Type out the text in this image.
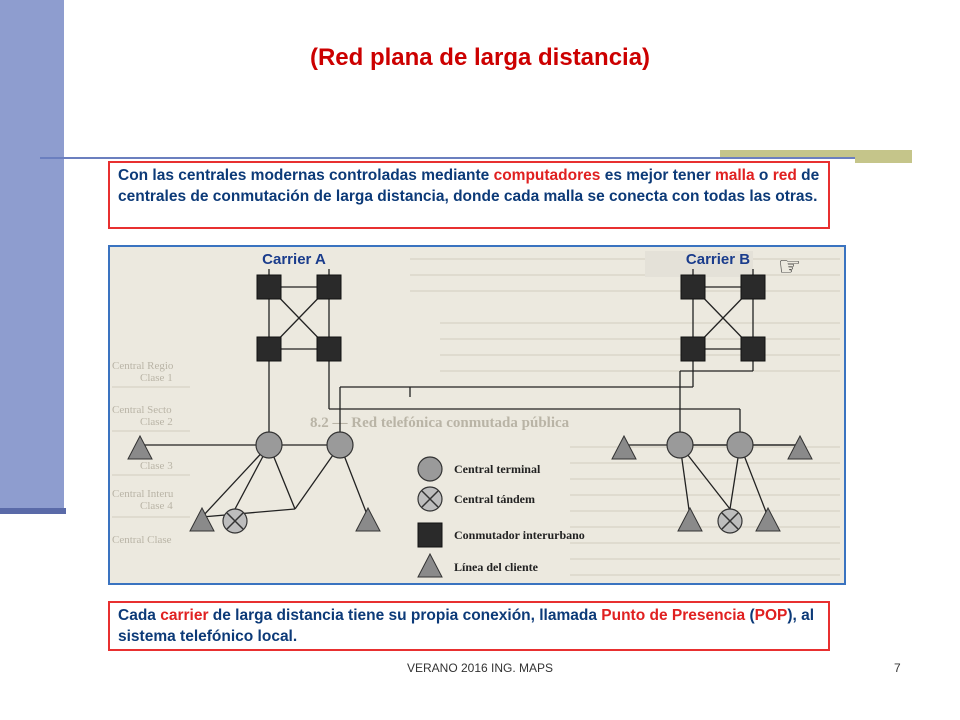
(Red plana de larga distancia)
Con las centrales modernas controladas mediante computadores es mejor tener malla o red de centrales de conmutación de larga distancia, donde cada malla se conecta con todas las otras.
Central Regio
Clase 1
Central Secto
Clase 2
Clase 3
Central Interu
Clase 4
Central Clase
8.2 — Red telefónica conmutada pública
Carrier A	Carrier B ☞
Central terminal
Central tándem
Conmutador interurbano
Línea del cliente
Cada carrier de larga distancia tiene su propia conexión, llamada Punto de Presencia (POP), al sistema telefónico local.
VERANO 2016 ING. MAPS	7
